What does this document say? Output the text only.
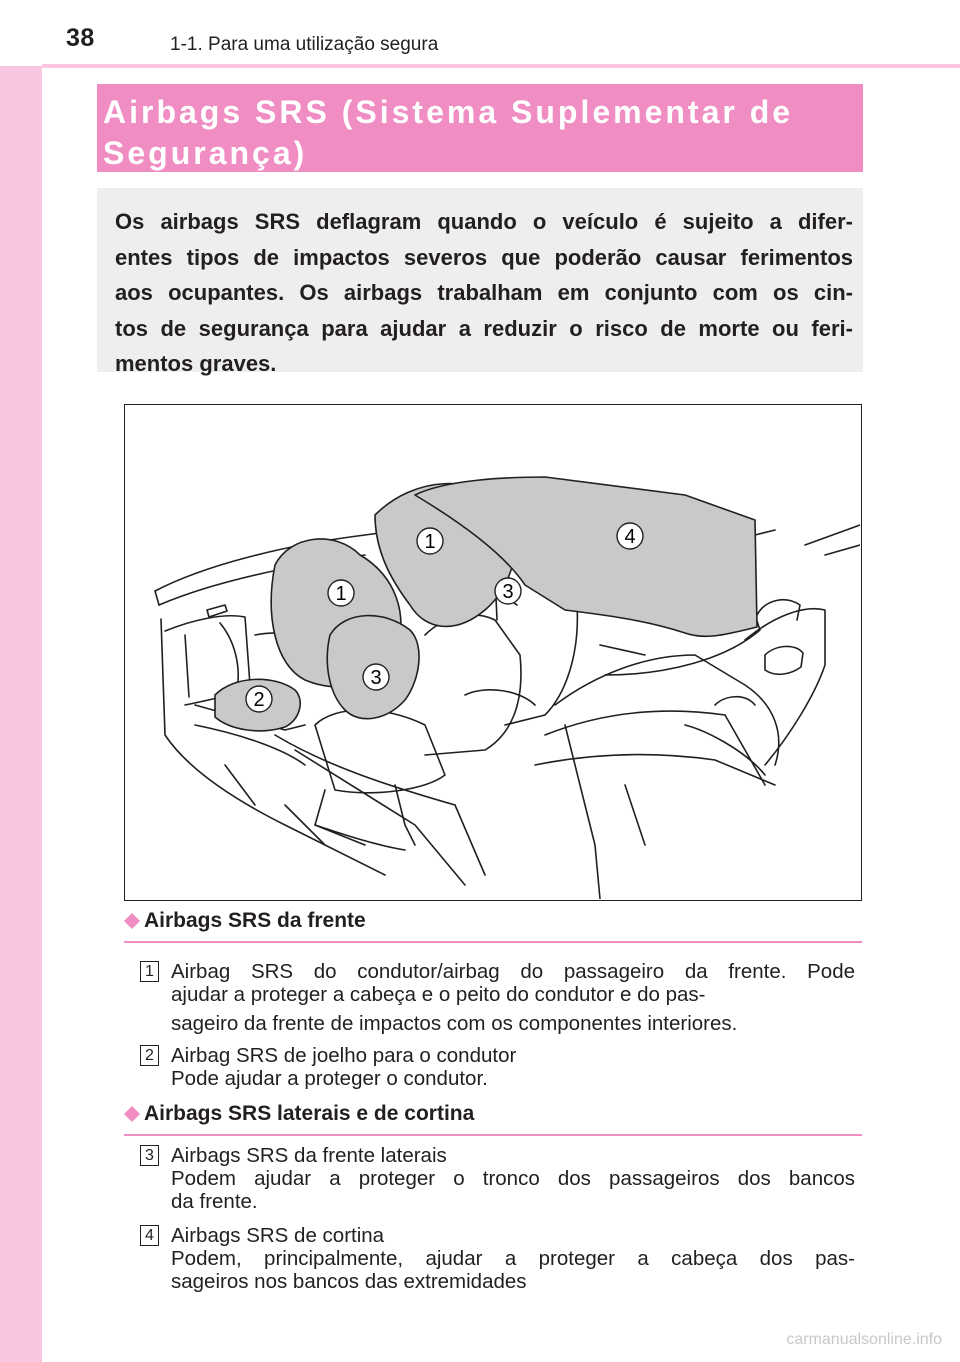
38	1-1. Para uma utilização segura
Airbags SRS (Sistema Suplementar de Segurança)
Os airbags SRS deflagram quando o veículo é sujeito a difer-
entes tipos de impactos severos que poderão causar ferimentos
aos ocupantes. Os airbags trabalham em conjunto com os cin-
tos de segurança para ajudar a reduzir o risco de morte ou feri-
mentos graves.
1
1
2
3
3
4
Airbags SRS da frente
1 Airbag SRS do condutor/airbag do passageiro da frente. Pode
ajudar a proteger a cabeça e o peito do condutor e do pas-
sageiro da frente de impactos com os componentes interiores.
2 Airbag SRS de joelho para o condutor
Pode ajudar a proteger o condutor.
Airbags SRS laterais e de cortina
3 Airbags SRS da frente laterais
Podem ajudar a proteger o tronco dos passageiros dos bancos
da frente.
4 Airbags SRS de cortina
Podem, principalmente, ajudar a proteger a cabeça dos pas-
sageiros nos bancos das extremidades
carmanualsonline.info
